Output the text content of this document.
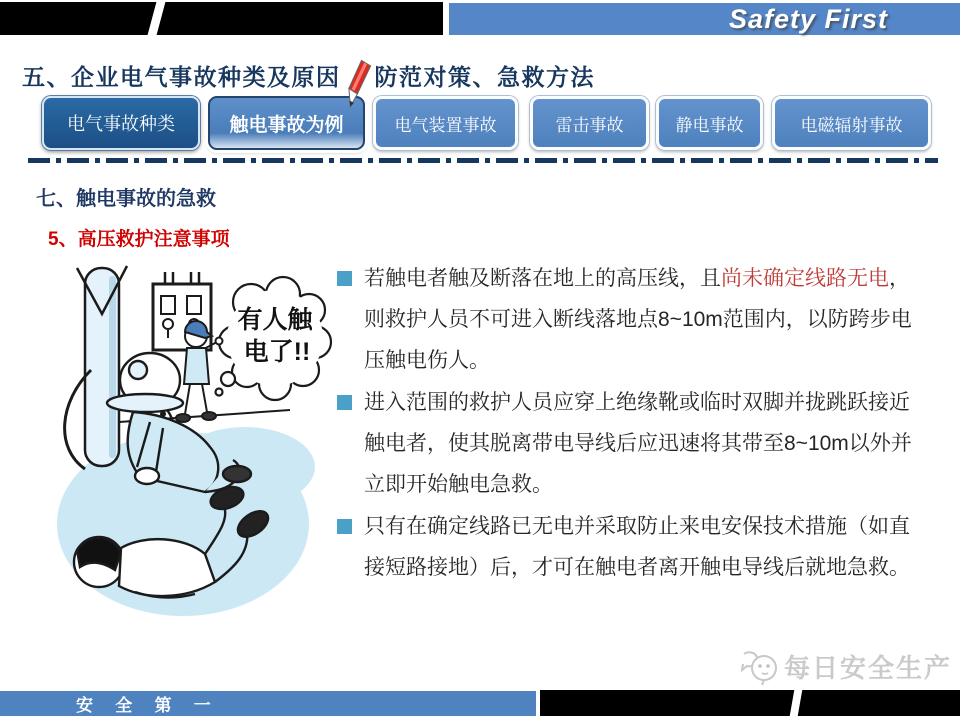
Safety First
五、企业电气事故种类及原因 防范对策、急救方法
电气事故种类	触电事故为例	电气装置事故	雷击事故	静电事故	电磁辐射事故
七、触电事故的急救
5、高压救护注意事项
有人触
电了!!
若触电者触及断落在地上的高压线，且尚未确定线路无电，则救护人员不可进入断线落地点8~10m范围内，以防跨步电压触电伤人。
进入范围的救护人员应穿上绝缘靴或临时双脚并拢跳跃接近触电者，使其脱离带电导线后应迅速将其带至8~10m以外并立即开始触电急救。
只有在确定线路已无电并采取防止来电安保技术措施（如直接短路接地）后，才可在触电者离开触电导线后就地急救。
每日安全生产
安 全 第 一
